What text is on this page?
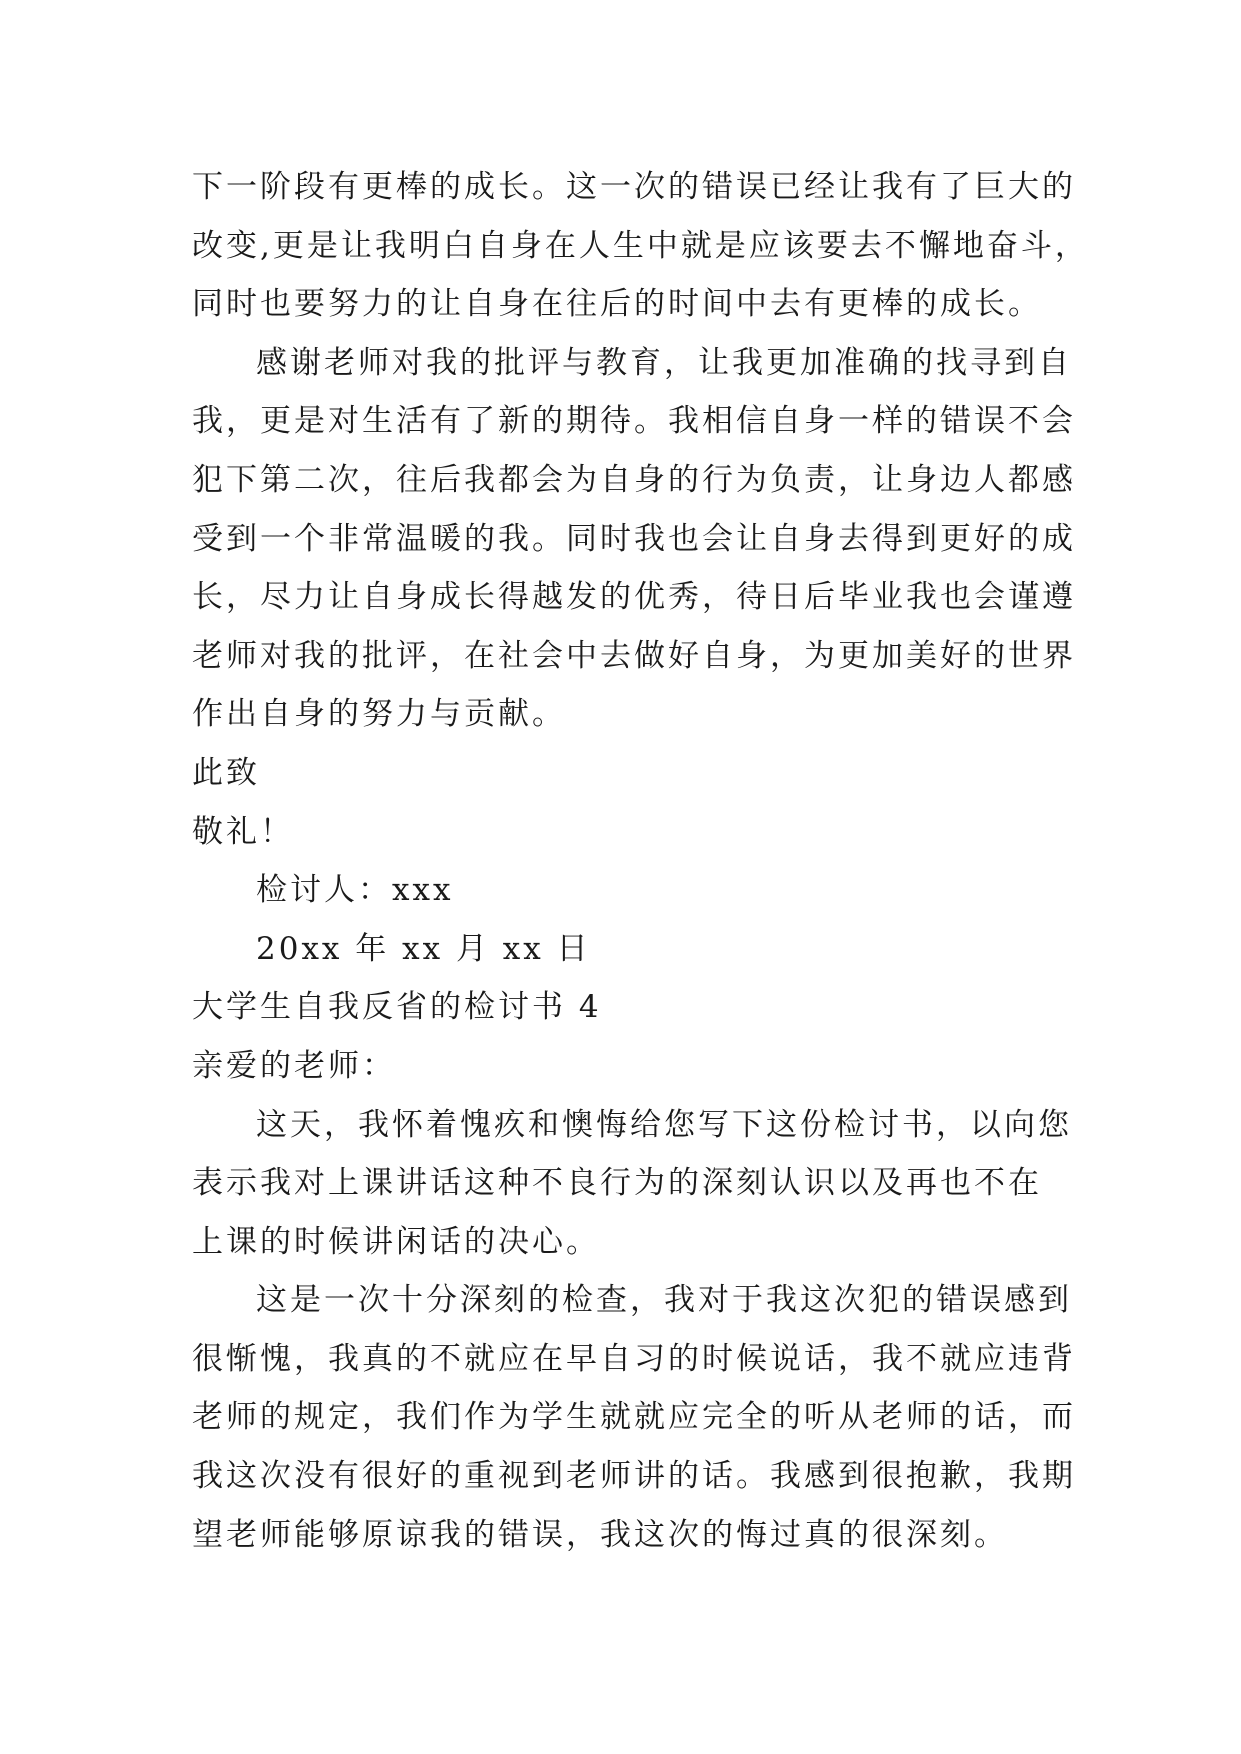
下一阶段有更棒的成长。这一次的错误已经让我有了巨大的
改变,更是让我明白自身在人生中就是应该要去不懈地奋斗，
同时也要努力的让自身在往后的时间中去有更棒的成长。
感谢老师对我的批评与教育，让我更加准确的找寻到自
我，更是对生活有了新的期待。我相信自身一样的错误不会
犯下第二次，往后我都会为自身的行为负责，让身边人都感
受到一个非常温暖的我。同时我也会让自身去得到更好的成
长，尽力让自身成长得越发的优秀，待日后毕业我也会谨遵
老师对我的批评，在社会中去做好自身，为更加美好的世界
作出自身的努力与贡献。
此致
敬礼！
检讨人：xxx
20xx 年 xx 月 xx 日
大学生自我反省的检讨书 4
亲爱的老师：
这天，我怀着愧疚和懊悔给您写下这份检讨书，以向您
表示我对上课讲话这种不良行为的深刻认识以及再也不在
上课的时候讲闲话的决心。
这是一次十分深刻的检查，我对于我这次犯的错误感到
很惭愧，我真的不就应在早自习的时候说话，我不就应违背
老师的规定，我们作为学生就就应完全的听从老师的话，而
我这次没有很好的重视到老师讲的话。我感到很抱歉，我期
望老师能够原谅我的错误，我这次的悔过真的很深刻。
